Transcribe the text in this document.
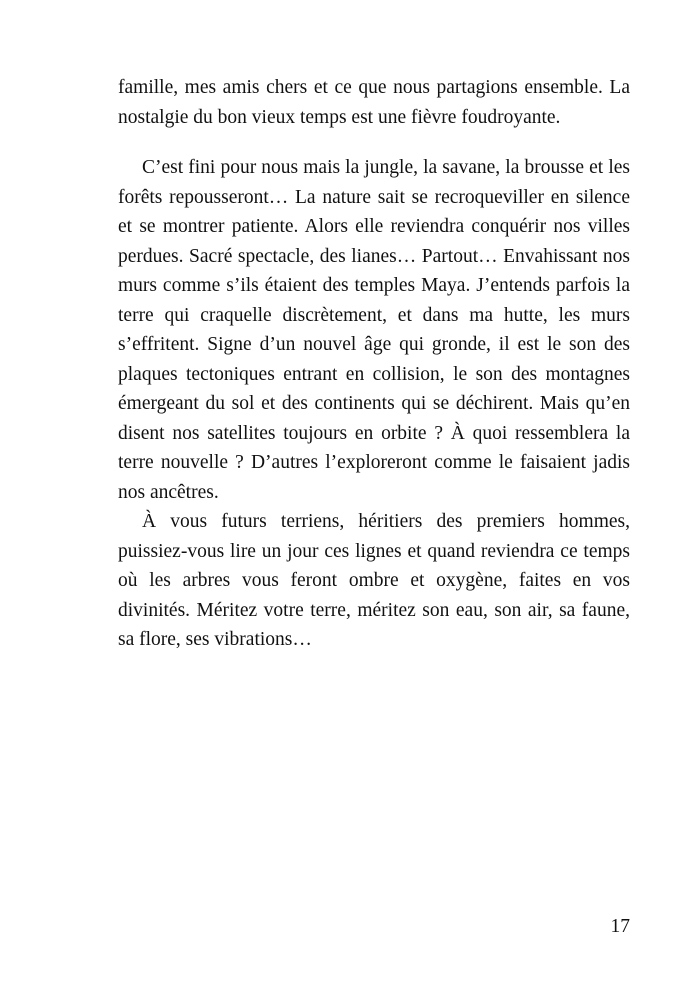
famille, mes amis chers et ce que nous partagions ensemble. La nostalgie du bon vieux temps est une fièvre foudroyante.

C’est fini pour nous mais la jungle, la savane, la brousse et les forêts repousseront… La nature sait se recroqueviller en silence et se montrer patiente. Alors elle reviendra conquérir nos villes perdues. Sacré spectacle, des lianes… Partout… Envahissant nos murs comme s’ils étaient des temples Maya. J’entends parfois la terre qui craquelle discrètement, et dans ma hutte, les murs s’effritent. Signe d’un nouvel âge qui gronde, il est le son des plaques tectoniques entrant en collision, le son des montagnes émergeant du sol et des continents qui se déchirent. Mais qu’en disent nos satellites toujours en orbite ? À quoi ressemblera la terre nouvelle ? D’autres l’exploreront comme le faisaient jadis nos ancêtres.

À vous futurs terriens, héritiers des premiers hommes, puissiez-vous lire un jour ces lignes et quand reviendra ce temps où les arbres vous feront ombre et oxygène, faites en vos divinités. Méritez votre terre, méritez son eau, son air, sa faune, sa flore, ses vibrations…

17
